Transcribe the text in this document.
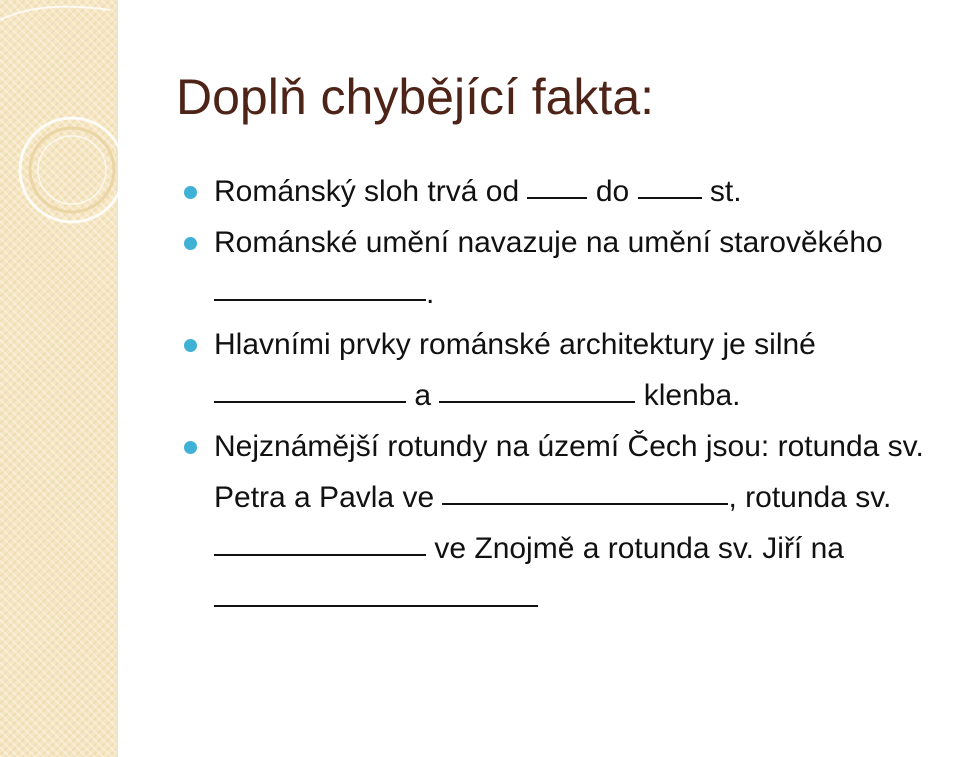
Doplň chybějící fakta:
Románský sloh trvá od	do	st.
Románské umění navazuje na umění starověkého .
Hlavními prvky románské architektury je silné  a	klenba.
Nejznámější rotundy na území Čech jsou: rotunda sv. Petra a Pavla ve	, rotunda sv.  ve Znojmě a rotunda sv. Jiří na
